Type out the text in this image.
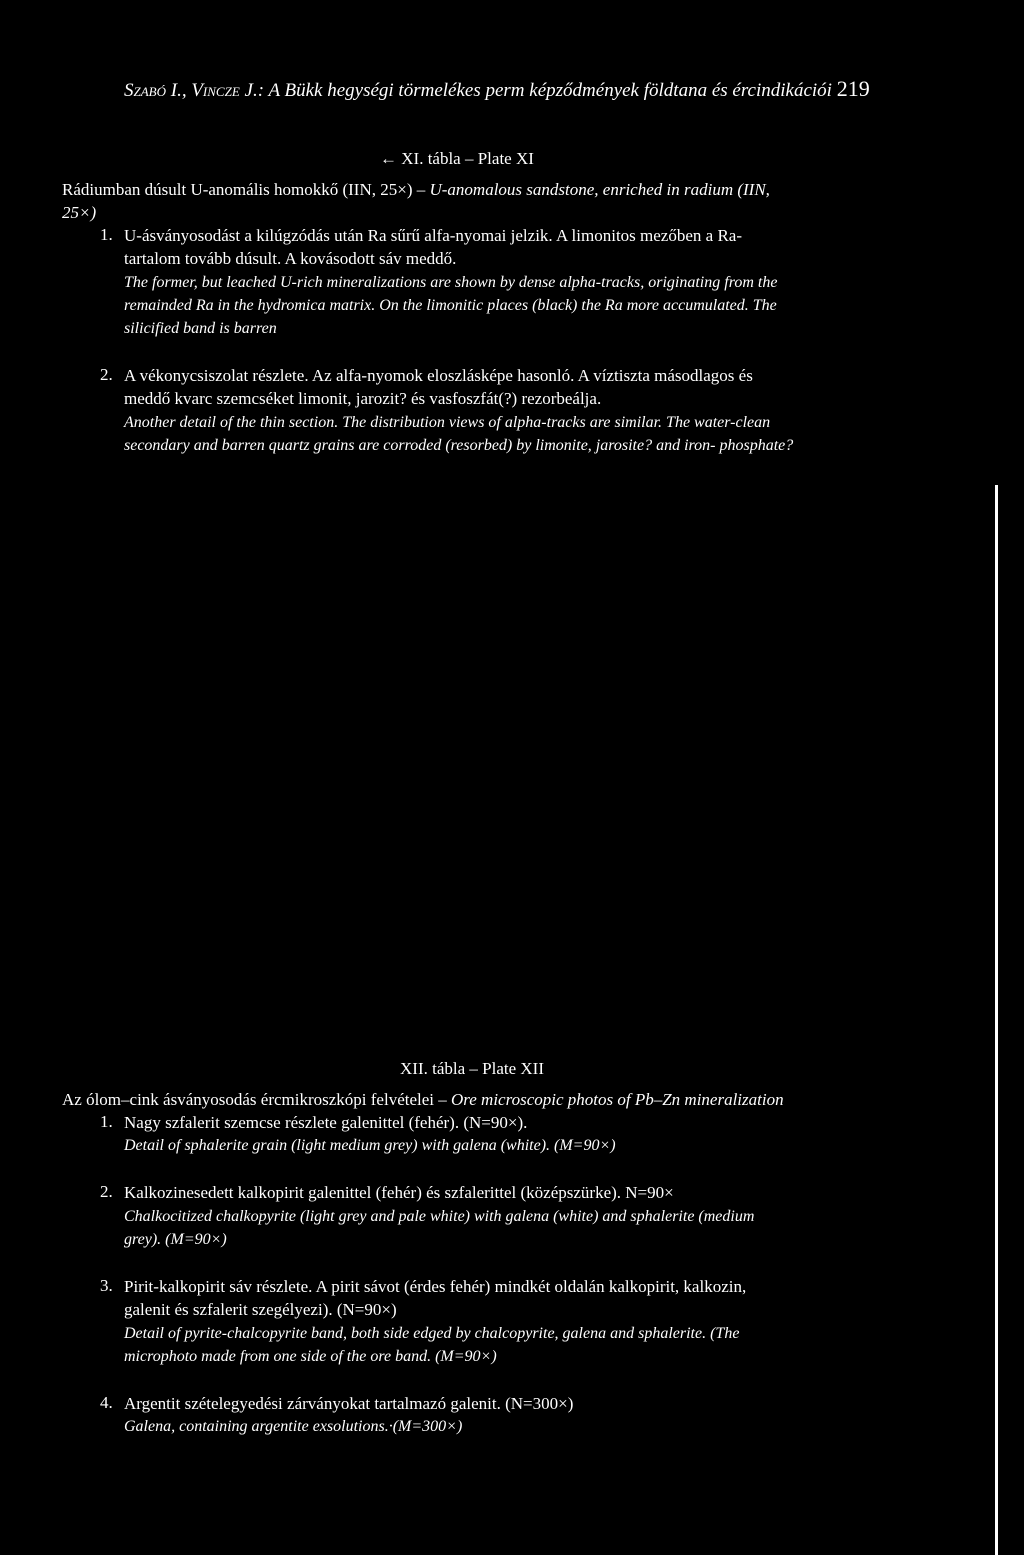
Szabó I., Vincze J.: A Bükk hegységi törmelékes perm képződmények földtana és ércindikációi 219
← XI. tábla – Plate XI
Rádiumban dúsult U-anomális homokkő (IIN, 25×) – U-anomalous sandstone, enriched in radium (IIN,
25×)
1. U-ásványosodást a kilúgzódás után Ra sűrű alfa-nyomai jelzik. A limonitos mezőben a Ra-
tartalom tovább dúsult. A kovásodott sáv meddő.
The former, but leached U-rich mineralizations are shown by dense alpha-tracks, originating from the
remainded Ra in the hydromica matrix. On the limonitic places (black) the Ra more accumulated. The
silicified band is barren
2. A vékonycsiszolat részlete. Az alfa-nyomok eloszlásképe hasonló. A víztiszta másodlagos és
meddő kvarc szemcséket limonit, jarozit? és vasfoszfát(?) rezorbeálja.
Another detail of the thin section. The distribution views of alpha-tracks are similar. The water-clean
secondary and barren quartz grains are corroded (resorbed) by limonite, jarosite? and iron- phosphate?
XII. tábla – Plate XII
Az ólom–cink ásványosodás ércmikroszkópi felvételei – Ore microscopic photos of Pb–Zn mineralization
1. Nagy szfalerit szemcse részlete galenittel (fehér). (N=90×).
Detail of sphalerite grain (light medium grey) with galena (white). (M=90×)
2. Kalkozinesedett kalkopirit galenittel (fehér) és szfalerittel (középszürke). N=90×
Chalkocitized chalkopyrite (light grey and pale white) with galena (white) and sphalerite (medium
grey). (M=90×)
3. Pirit-kalkopirit sáv részlete. A pirit sávot (érdes fehér) mindkét oldalán kalkopirit, kalkozin,
galenit és szfalerit szegélyezi). (N=90×)
Detail of pyrite-chalcopyrite band, both side edged by chalcopyrite, galena and sphalerite. (The
microphoto made from one side of the ore band. (M=90×)
4. Argentit szételegyedési zárványokat tartalmazó galenit. (N=300×)
Galena, containing argentite exsolutions.·(M=300×)
